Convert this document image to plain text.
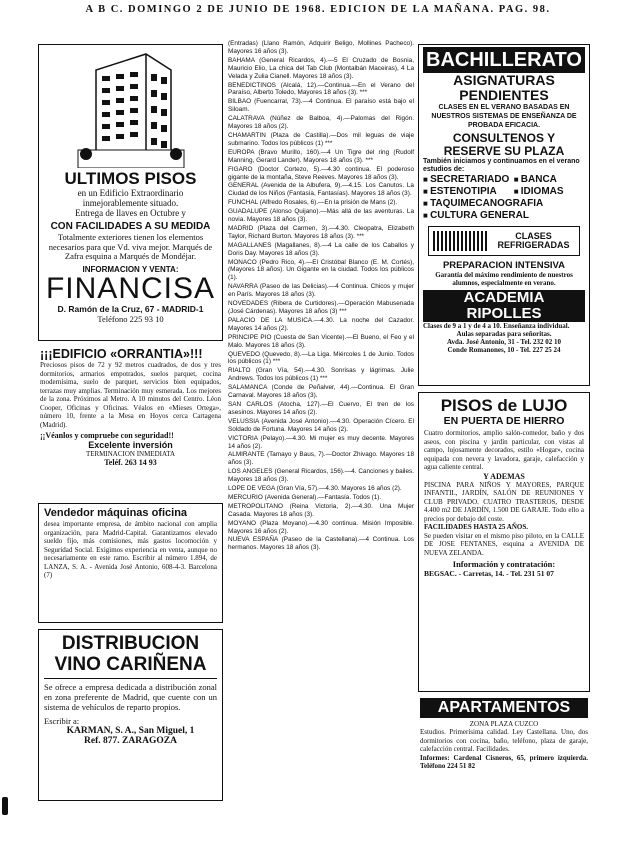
A B C. DOMINGO 2 DE JUNIO DE 1968. EDICION DE LA MAÑANA. PAG. 98.
ULTIMOS PISOS
en un Edificio Extraordinario
inmejorablemente situado.
Entrega de llaves en Octubre y
CON FACILIDADES A SU MEDIDA
Totalmente exteriores tienen los elementos necesarios para que Vd. viva mejor. Marqués de Zafra esquina a Marqués de Mondéjar.
INFORMACION Y VENTA:
FINANCISA
D. Ramón de la Cruz, 67 - MADRID-1
Teléfono 225 93 10
¡¡¡EDIFICIO «ORRANTIA»!!!
Preciosos pisos de 72 y 92 metros cuadrados, de dos y tres dormitorios, armarios empotrados, suelos parquet, cocina modernísima, suelo de parquet, servicios bien equipados, terrazas muy amplias. Terminación muy esmerada. Los mejores de la zona. Próximos al Metro. A 10 minutos del Centro. Léon Cooper, Oficinas y Oficinas. Véalos en «Mieses Ortega», número 10, frente a la Mesa en Hoyos cerca Cartagena (Madrid).
¡¡Véanlos y compruebe con seguridad!!
Excelente inversión
TERMINACION INMEDIATA
Teléf. 263 14 93
Vendedor máquinas oficina
desea importante empresa, de ámbito nacional con amplia organización, para Madrid-Capital. Garantizamos elevado sueldo fijo, más comisiones, más gastos locomoción y Seguridad Social. Exigimos experiencia en venta, aunque no necesariamente en este ramo. Escribir al número 1.894, de LANZA, S. A. - Avenida José Antonio, 608-4-3. Barcelona (7)
DISTRIBUCION
VINO CARIÑENA
Se ofrece a empresa dedicada a distribución zonal en zona preferente de Madrid, que cuente con un sistema de vehículos de reparto propios.
Escribir a:
KARMAN, S. A., San Miguel, 1
Ref. 877. ZARAGOZA

(Entradas) (Llano Ramón, Adquirir Beligo, Mollines Pacheco). Mayores 16 años (3).

BAHAMA (General Ricardos, 4).—5 El Cruzado de Bosnia, Mauricio Elio, La chica del Tab Club (Montalbán Maceiras), 4 La Velada y Zulia Cianell. Mayores 18 años (3).

BENEDICTINOS (Alcalá, 12).—Continua.—En el Verano del Paraíso, Alberto Toledo, Mayores 18 años (3). ***

BILBAO (Fuencarral, 73).—4 Continua. El paraíso está bajo el Siloam.

CALATRAVA (Núñez de Balboa, 4).—Palomas del Rigón. Mayores 18 años (2).

CHAMARTIN (Plaza de Castilla).—Dos mil leguas de viaje submarino. Todos los públicos (1) ***

EUROPA (Bravo Murillo, 160).—4 Un Tigre del ring (Rudolf Manning, Gerard Lander). Mayores 18 años (3). ***

FIGARO (Doctor Cortezo, 5).—4.30 continua. El poderoso gigante de la montaña, Steve Reeves. Mayores 18 años (3).

GENERAL (Avenida de la Albufera, 9).—4.15. Los Canutos. La Ciudad de los Niños (Fantasía, Fantasías). Mayores 18 años (3).

FUNCHAL (Alfredo Rosales, 6).—En la prisión de Mans (2).

GUADALUPE (Alonso Quijano).—Más allá de las aventuras. La novia. Mayores 18 años (3).

MADRID (Plaza del Carmen, 3).—4.30. Cleopatra, Elizabeth Taylor, Richard Burton. Mayores 18 años (3). ***

MAGALLANES (Magallanes, 8).—4 La calle de los Caballos y Doris Day. Mayores 18 años (3).

MONACO (Pedro Rico, 4).—El Cristóbal Blanco (E. M. Cortés), (Mayores 18 años). Un Gigante en la ciudad. Todos los públicos (1).

NAVARRA (Paseo de las Delicias).—4 Continua. Chicos y mujer en París. Mayores 18 años (3).

NOVEDADES (Ribera de Curtidores).—Operación Mabusenada (José Cárdenas). Mayores 18 años (3) ***

PALACIO DE LA MUSICA.—4.30. La noche del Cazador. Mayores 14 años (2).

PRINCIPE PIO (Cuesta de San Vicente).—El Bueno, el Feo y el Malo. Mayores 18 años (3).

QUEVEDO (Quevedo, 8).—La Liga. Miércoles 1 de Junio. Todos los públicos (1) ***

RIALTO (Gran Vía, 54).—4.30. Sonrisas y lágrimas. Julie Andrews. Todos los públicos (1) ***

SALAMANCA (Conde de Peñalver, 44).—Continua. El Gran Carnaval. Mayores 18 años (3).

SAN CARLOS (Atocha, 127).—El Cuervo, El tren de los asesinos. Mayores 14 años (2).

VELUSSIA (Avenida José Antonio).—4.30. Operación Cícero. El Soldado de Fortuna. Mayores 14 años (2).

VICTORIA (Pelayo).—4.30. Mi mujer es muy decente. Mayores 14 años (2).

ALMIRANTE (Tamayo y Baus, 7).—Doctor Zhivago. Mayores 18 años (3).

LOS ANGELES (General Ricardos, 156).—4. Canciones y bailes. Mayores 18 años (3).

LOPE DE VEGA (Gran Vía, 57).—4.30. Mayores 16 años (2).

MERCURIO (Avenida General).—Fantasía. Todos (1).

METROPOLITANO (Reina Victoria, 2).—4.30. Una Mujer Casada. Mayores 18 años (3).

MOYANO (Plaza Moyano).—4.30 continua. Misión Imposible. Mayores 16 años (2).

NUEVA ESPAÑA (Paseo de la Castellana).—4 Continua. Los hermanos. Mayores 18 años (3).

BACHILLERATO
ASIGNATURAS
PENDIENTES
CLASES EN EL VERANO BASADAS EN NUESTROS SISTEMAS DE ENSEÑANZA DE PROBADA EFICACIA.
CONSULTENOS Y
RESERVE SU PLAZA
También iniciamos y continuamos en el verano estudios de:
■ SECRETARIADO	■ BANCA
■ ESTENOTIPIA	■ IDIOMAS
■ TAQUIMECANOGRAFIA
■ CULTURA GENERAL
CLASES REFRIGERADAS
PREPARACION INTENSIVA
Garantía del máximo rendimiento de nuestros alumnos, especialmente en verano.
ACADEMIA
RIPOLLES
Clases de 9 a 1 y de 4 a 10. Enseñanza individual.
Aulas separadas para señoritas.
Avda. José Antonio, 31 - Tel. 232 02 10
Conde Romanones, 10 - Tel. 227 25 24
PISOS de LUJO
EN PUERTA DE HIERRO
Cuatro dormitorios, amplio salón-comedor, baño y dos aseos, con piscina y jardín particular, con vistas al campo, lujosamente decorados, estilo «Hogar», cocina equipada con nevera y lavadora, garaje, calefacción y agua caliente central.
Y ADEMAS
PISCINA PARA NIÑOS Y MAYORES, PARQUE INFANTIL, JARDÍN, SALÓN DE REUNIONES Y CLUB PRIVADO. CUATRO TRASTEROS, DESDE 4.400 m2 DE JARDÍN, 1.500 DE GARAJE. Todo ello a precios por debajo del coste.
FACILIDADES HASTA 25 AÑOS.
Se pueden visitar en el mismo piso piloto, en la CALLE DE JOSE FENTANES, esquina a AVENIDA DE NUEVA ZELANDA.
Información y contratación:
BEGSAC. - Carretas, 14. - Tel. 231 51 07
APARTAMENTOS
ZONA PLAZA CUZCO
Estudios. Primerísima calidad. Ley Castellana. Uno, dos dormitorios con cocina, baño, teléfono, plaza de garaje, calefacción central. Facilidades.
Informes: Cardenal Cisneros, 65, primero izquierda. Teléfono 224 51 82
